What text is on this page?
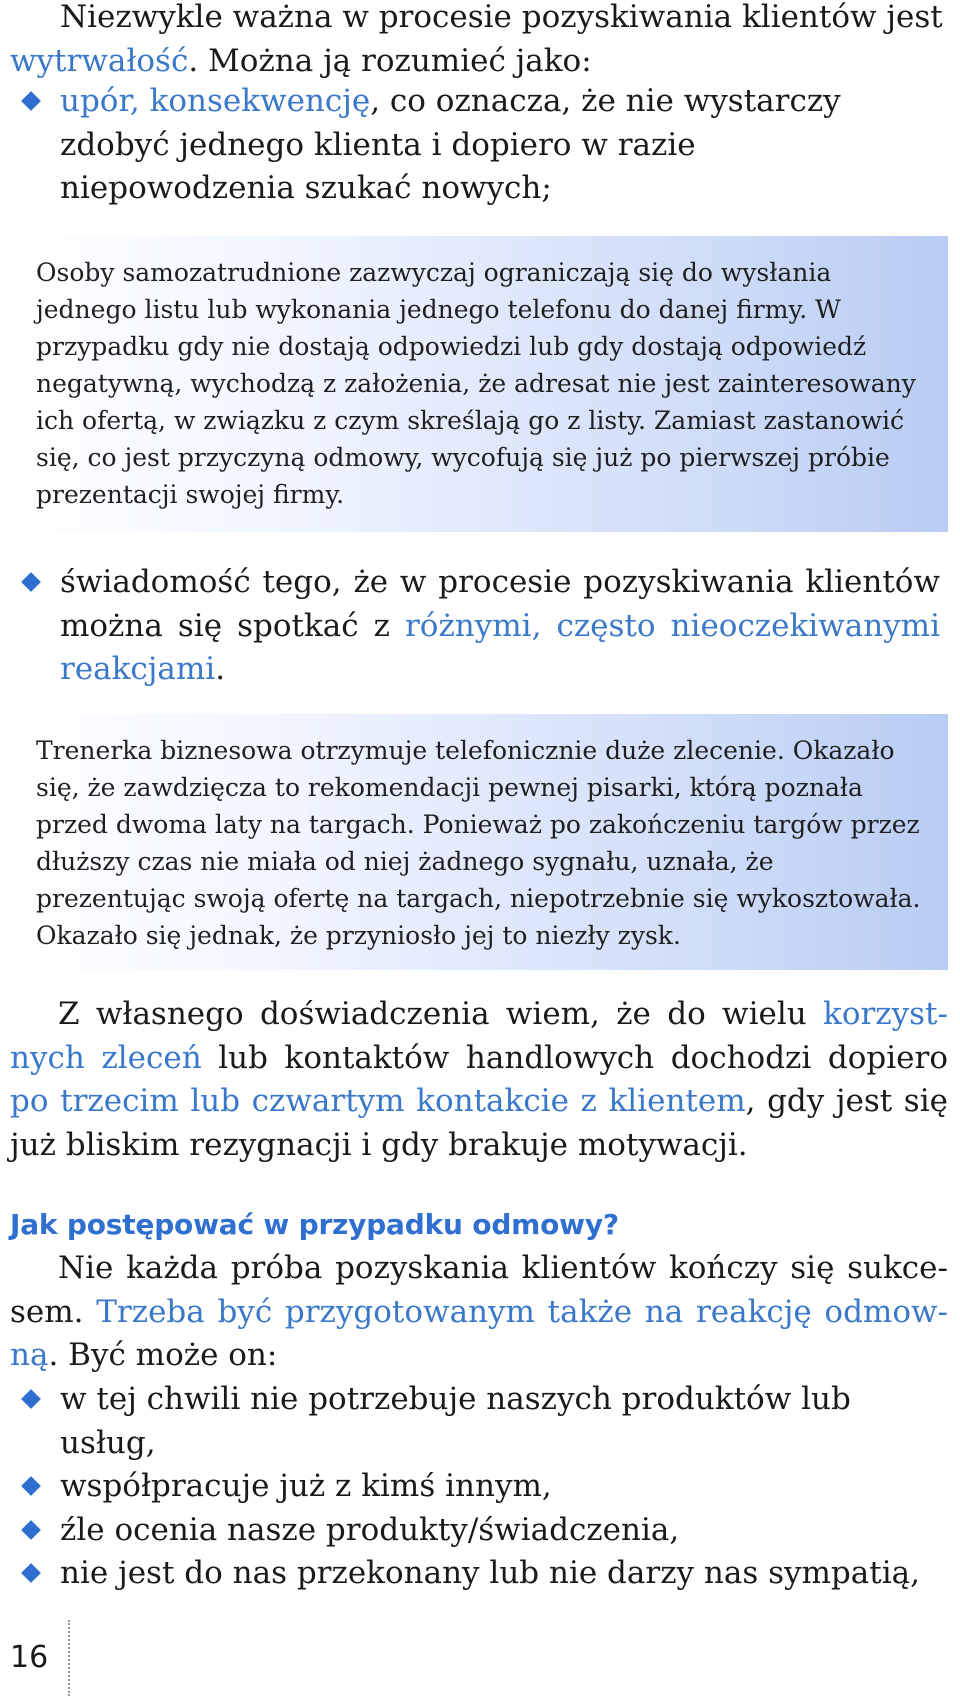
Niezwykle ważna w procesie pozyskiwania klientów jest wytrwałość. Można ją rozumieć jako:

upór, konsekwencję, co oznacza, że nie wystarczy zdobyć jednego klienta i dopiero w razie niepowodzenia szukać nowych;

Osoby samozatrudnione zazwyczaj ograniczają się do wysłania jednego listu lub wykonania jednego telefonu do danej firmy. W przypadku gdy nie dostają odpowiedzi lub gdy dostają odpowiedź negatywną, wychodzą z założenia, że adresat nie jest zainteresowany ich ofertą, w związku z czym skreślają go z listy. Zamiast zastanowić się, co jest przyczyną odmowy, wycofują się już po pierwszej próbie prezentacji swojej firmy.

świadomość tego, że w procesie pozyskiwania klientów można się spotkać z różnymi, często nieoczekiwanymi reakcjami.

Trenerka biznesowa otrzymuje telefonicznie duże zlecenie. Okazało się, że zawdzięcza to rekomendacji pewnej pisarki, którą poznała przed dwoma laty na targach. Ponieważ po zakończeniu targów przez dłuższy czas nie miała od niej żadnego sygnału, uznała, że prezentując swoją ofertę na targach, niepotrzebnie się wykosztowała. Okazało się jednak, że przyniosło jej to niezły zysk.

Z własnego doświadczenia wiem, że do wielu korzystnych zleceń lub kontaktów handlowych dochodzi dopiero po trzecim lub czwartym kontakcie z klientem, gdy jest się już bliskim rezygnacji i gdy brakuje motywacji.

Jak postępować w przypadku odmowy?

Nie każda próba pozyskania klientów kończy się sukcesem. Trzeba być przygotowanym także na reakcję odmowną. Być może on:

w tej chwili nie potrzebuje naszych produktów lub usług,
współpracuje już z kimś innym,
źle ocenia nasze produkty/świadczenia,
nie jest do nas przekonany lub nie darzy nas sympatią,
16
